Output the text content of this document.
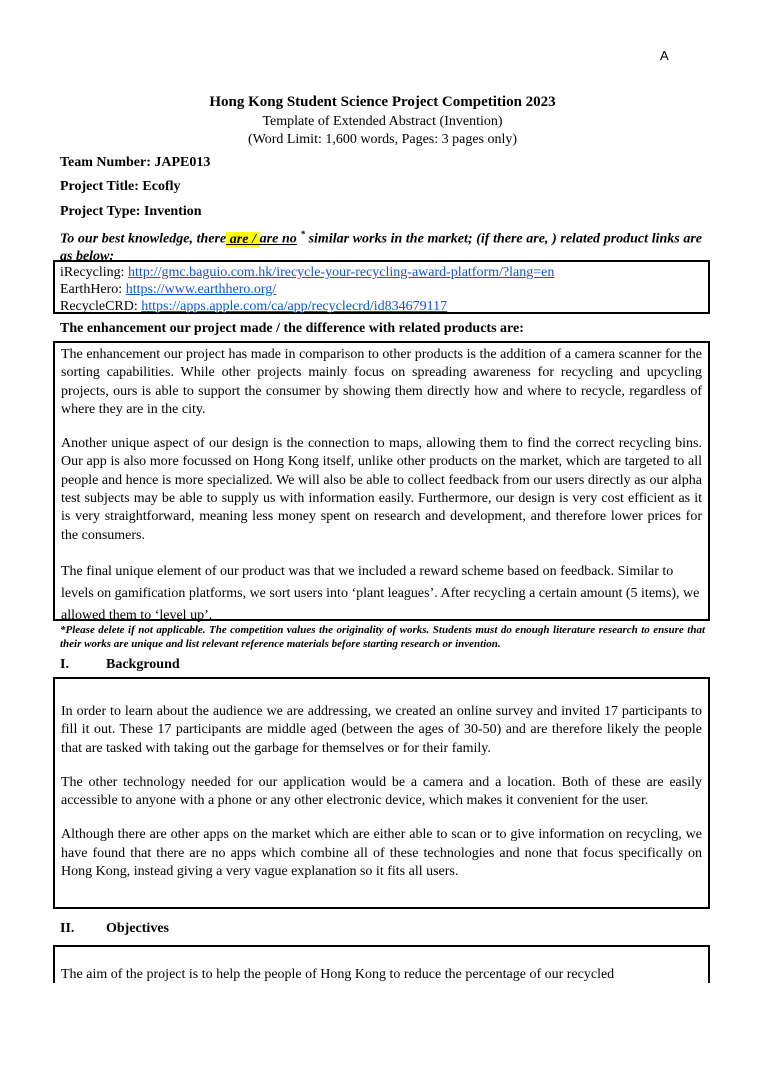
A
Hong Kong Student Science Project Competition 2023
Template of Extended Abstract (Invention)
(Word Limit: 1,600 words, Pages: 3 pages only)
Team Number: JAPE013
Project Title: Ecofly
Project Type: Invention
To our best knowledge, there are / are no * similar works in the market; (if there are, ) related product links are as below:
iRecycling: http://gmc.baguio.com.hk/irecycle-your-recycling-award-platform/?lang=en
EarthHero: https://www.earthhero.org/
RecycleCRD: https://apps.apple.com/ca/app/recyclecrd/id834679117
The enhancement our project made / the difference with related products are:

The enhancement our project has made in comparison to other products is the addition of a camera scanner for the sorting capabilities. While other projects mainly focus on spreading awareness for recycling and upcycling projects, ours is able to support the consumer by showing them directly how and where to recycle, regardless of where they are in the city.

Another unique aspect of our design is the connection to maps, allowing them to find the correct recycling bins. Our app is also more focussed on Hong Kong itself, unlike other products on the market, which are targeted to all people and hence is more specialized. We will also be able to collect feedback from our users directly as our alpha test subjects may be able to supply us with information easily. Furthermore, our design is very cost efficient as it is very straightforward, meaning less money spent on research and development, and therefore lower prices for the consumers.

The final unique element of our product was that we included a reward scheme based on feedback. Similar to levels on gamification platforms, we sort users into ‘plant leagues’. After recycling a certain amount (5 items), we allowed them to ‘level up’.

*Please delete if not applicable. The competition values the originality of works. Students must do enough literature research to ensure that their works are unique and list relevant reference materials before starting research or invention.
I.	Background

In order to learn about the audience we are addressing, we created an online survey and invited 17 participants to fill it out. These 17 participants are middle aged (between the ages of 30-50) and are therefore likely the people that are tasked with taking out the garbage for themselves or for their family.

The other technology needed for our application would be a camera and a location. Both of these are easily accessible to anyone with a phone or any other electronic device, which makes it convenient for the user.

Although there are other apps on the market which are either able to scan or to give information on recycling, we have found that there are no apps which combine all of these technologies and none that focus specifically on Hong Kong, instead giving a very vague explanation so it fits all users.

II. Objectives

The aim of the project is to help the people of Hong Kong to reduce the percentage of our recycled
